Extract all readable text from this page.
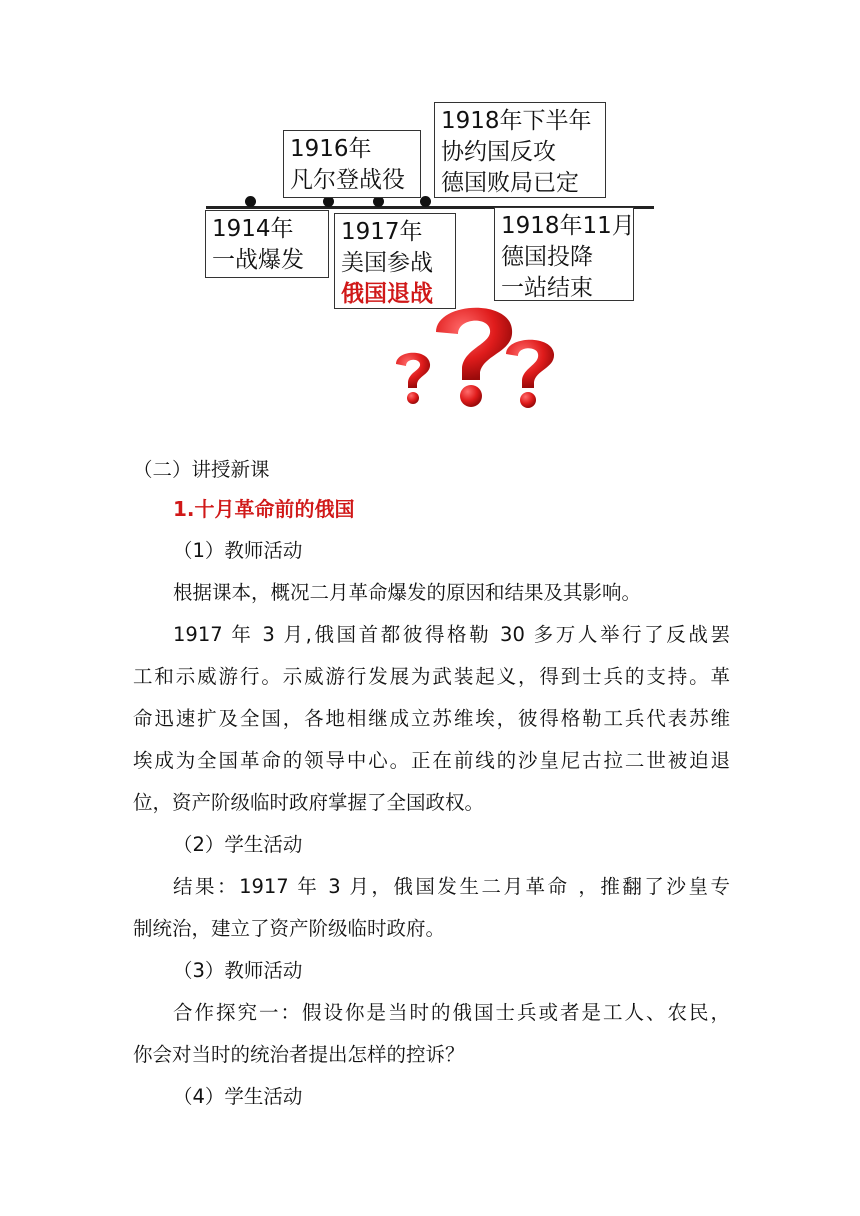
1916年
凡尔登战役
1918年下半年
协约国反攻
德国败局已定
1914年
一战爆发
1917年
美国参战
俄国退战
1918年11月
德国投降
一站结束
（二）讲授新课
1.十月革命前的俄国
（1）教师活动
根据课本，概况二月革命爆发的原因和结果及其影响。
1917 年 3 月,俄国首都彼得格勒 30 多万人举行了反战罢
工和示威游行。示威游行发展为武装起义，得到士兵的支持。革
命迅速扩及全国，各地相继成立苏维埃，彼得格勒工兵代表苏维
埃成为全国革命的领导中心。正在前线的沙皇尼古拉二世被迫退
位，资产阶级临时政府掌握了全国政权。
（2）学生活动
结果：1917 年 3 月，俄国发生二月革命 ，推翻了沙皇专
制统治，建立了资产阶级临时政府。
（3）教师活动
合作探究一：假设你是当时的俄国士兵或者是工人、农民，
你会对当时的统治者提出怎样的控诉？
（4）学生活动
